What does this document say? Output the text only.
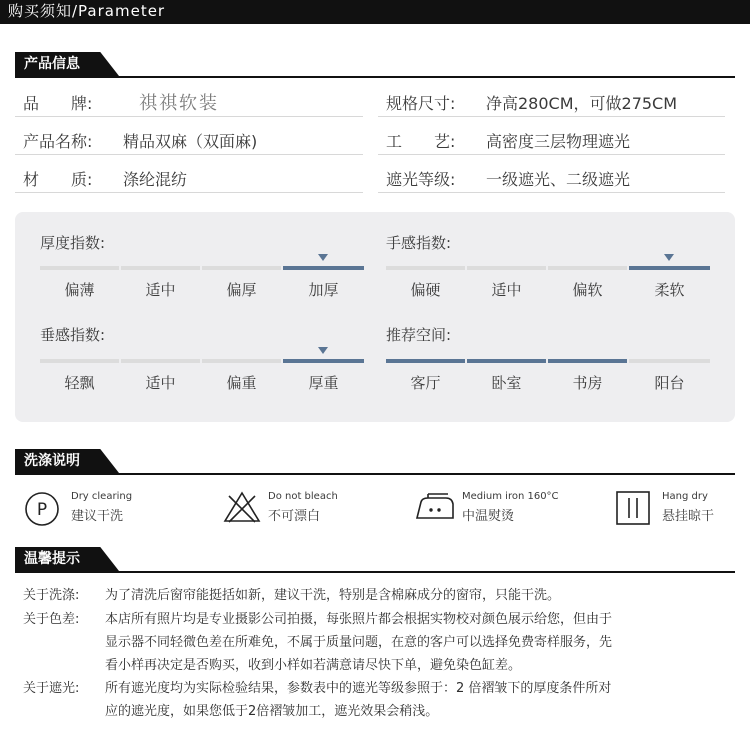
购买须知/Parameter
产品信息
品　　牌:	祺祺软装	规格尺寸: 净高280CM，可做275CM
产品名称: 精品双麻（双面麻)	工　　艺: 高密度三层物理遮光
材　　质: 涤纶混纺	遮光等级: 一级遮光、二级遮光
厚度指数:
偏薄	适中	偏厚	加厚
手感指数:
偏硬	适中	偏软	柔软
垂感指数:
轻飘	适中	偏重	厚重
推荐空间:
客厅	卧室	书房	阳台
洗涤说明
P
Dry clearing
建议干洗
Do not bleach
不可漂白
Medium iron 160°C
中温熨烫
Hang dry
悬挂晾干
温馨提示
关于洗涤: 为了清洗后窗帘能挺括如新，建议干洗，特别是含棉麻成分的窗帘，只能干洗。
关于色差: 本店所有照片均是专业摄影公司拍摄，每张照片都会根据实物校对颜色展示给您，但由于
显示器不同轻微色差在所难免，不属于质量问题，在意的客户可以选择免费寄样服务，先
看小样再决定是否购买，收到小样如若满意请尽快下单，避免染色缸差。
关于遮光: 所有遮光度均为实际检验结果，参数表中的遮光等级参照于：2 倍褶皱下的厚度条件所对
应的遮光度，如果您低于2倍褶皱加工，遮光效果会稍浅。
